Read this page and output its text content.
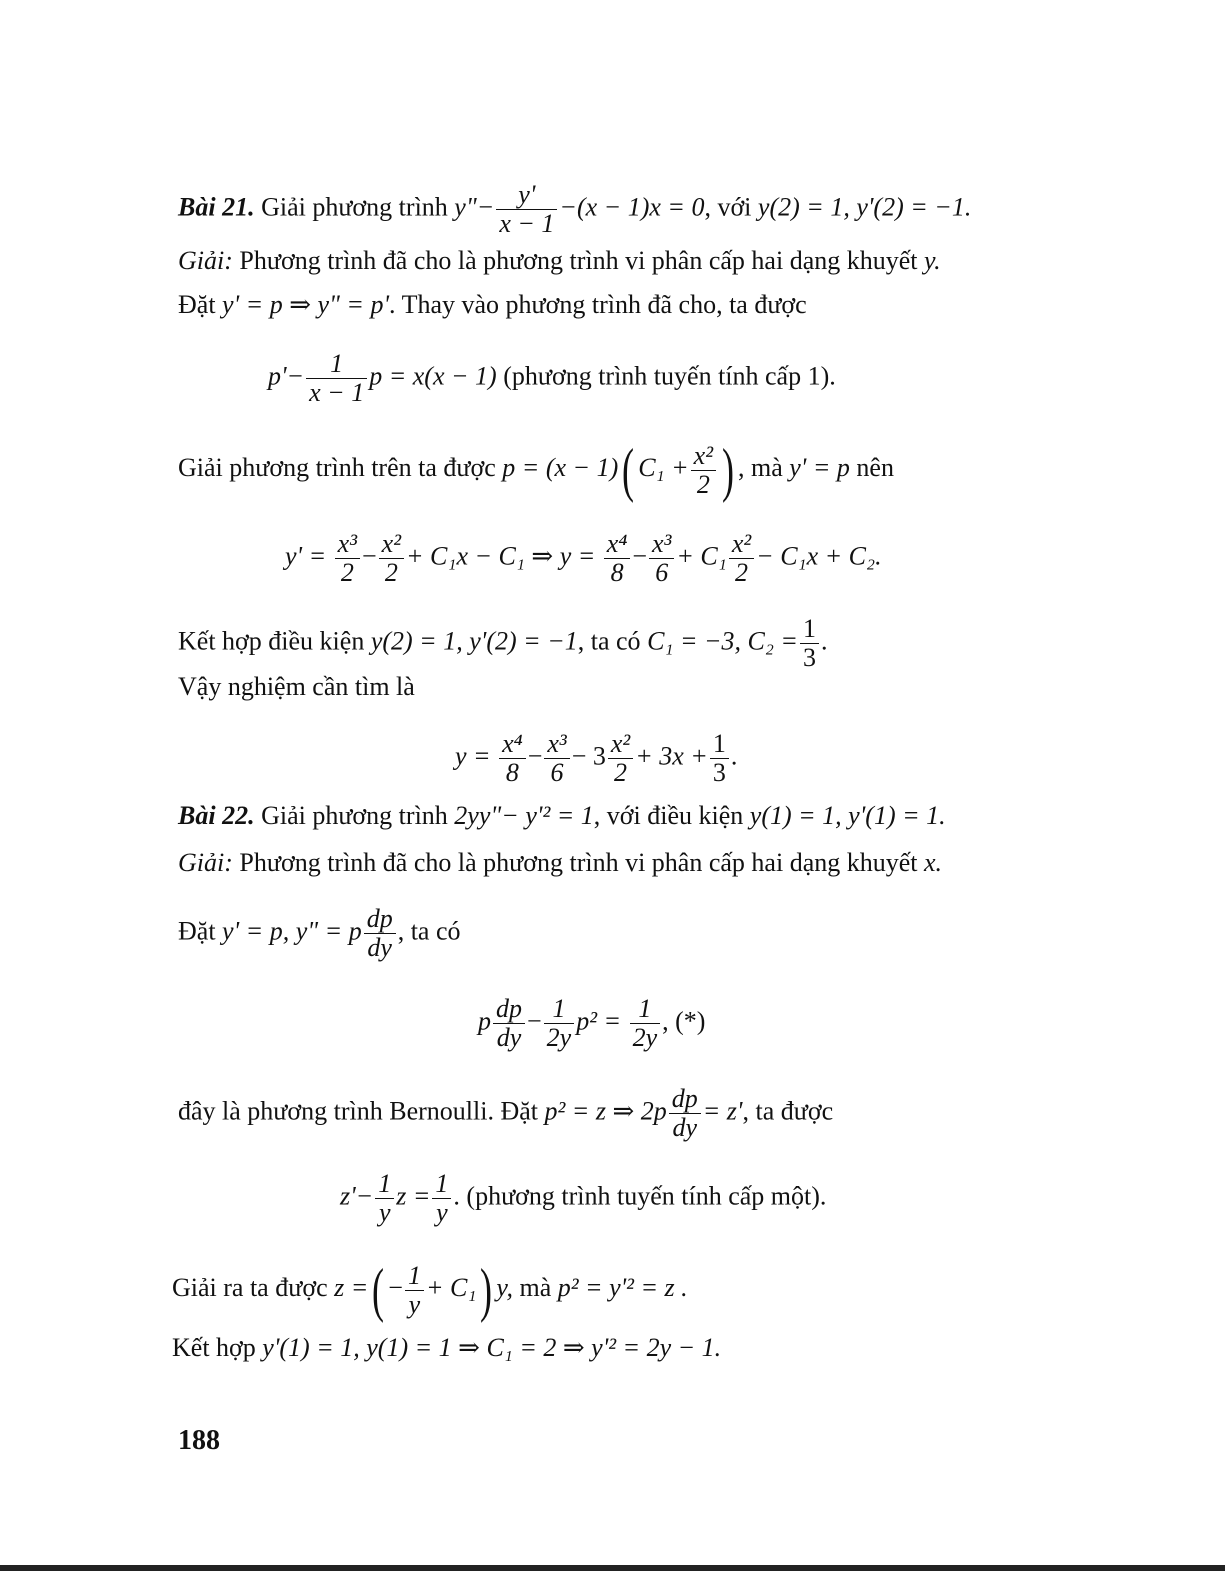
Bài 21. Giải phương trình y"− $\frac{y'}{x - 1} -(x - 1)x = 0$, với y(2) = 1, y'(2) = −1.
Giải: Phương trình đã cho là phương trình vi phân cấp hai dạng khuyết y.
Đặt y' = p ⇒ y" = p'. Thay vào phương trình đã cho, ta được
$p'- \frac{1}{x - 1}$ p = x(x − 1) (phương trình tuyến tính cấp 1).
Giải phương trình trên ta được p = (x − 1)( $C_1 + \frac{\text{x²}}{2}$ ) , mà y' = p nên
$y' = \frac{\text{x³}}{2} - \frac{\text{x²}}{2} + C_1x - C_1$ ⇒ $y = \frac{\text{x⁴}}{8} - \frac{\text{x³}}{6} + C_1 \frac{\text{x²}}{2} - C_1x + C_2$.
Kết hợp điều kiện y(2) = 1, y'(2) = −1, ta có C₁ = −3, $C_2 = \frac{1}{3}$ .
Vậy nghiệm cần tìm là
$y = \frac{\text{x⁴}}{8} - \frac{\text{x³}}{6} - 3 \frac{\text{x²}}{2} + 3x + \frac{1}{3}$ .
Bài 22. Giải phương trình 2yy"− y'² = 1, với điều kiện y(1) = 1, y'(1) = 1.
Giải: Phương trình đã cho là phương trình vi phân cấp hai dạng khuyết x.
Đặt y' = p, y" = p $\frac{dp}{dy}$ , ta có
p $\frac{dp}{dy} - \frac{1}{2y} p^2 = \frac{1}{2y}$ , (*)
đây là phương trình Bernoulli. Đặt p² = z ⇒ $2p \frac{dp}{dy} = z'$, ta được
$z'- \frac{1}{y}$ $z = \frac{1}{y}$ . (phương trình tuyến tính cấp một).
Giải ra ta được z =( − $\frac{1}{y} + C_1$) y, mà p² = y'² = z .
Kết hợp y'(1) = 1, y(1) = 1 ⇒ C₁ = 2 ⇒ y'² = 2y − 1.
188
